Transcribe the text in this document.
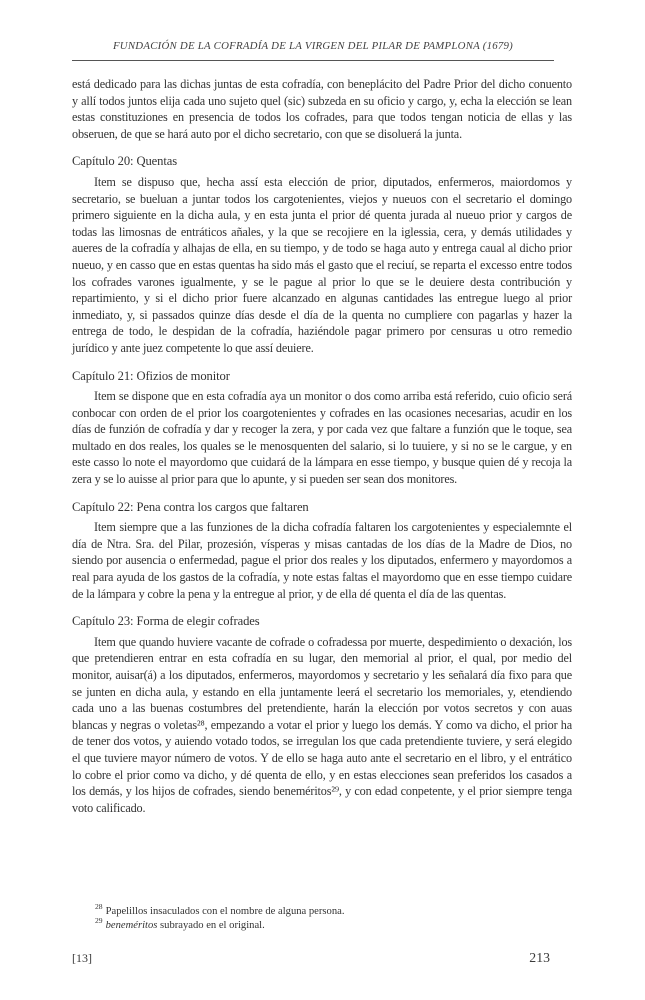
FUNDACIÓN DE LA COFRADÍA DE LA VIRGEN DEL PILAR DE PAMPLONA (1679)

está dedicado para las dichas juntas de esta cofradía, con beneplácito del Padre Prior del dicho conuento y allí todos juntos elija cada uno sujeto quel (sic) subzeda en su oficio y cargo, y, echa la elección se lean estas constituziones en presencia de todos los cofrades, para que todos tengan noticia de ellas y las obseruen, de que se hará auto por el dicho secretario, con que se disoluerá la junta.

Capítulo 20: Quentas

Item se dispuso que, hecha assí esta elección de prior, diputados, enfermeros, maiordomos y secretario, se bueluan a juntar todos los cargotenientes, viejos y nueuos con el secretario el domingo primero siguiente en la dicha aula, y en esta junta el prior dé quenta jurada al nueuo prior y cargos de todas las limosnas de entráticos añales, y la que se recojiere en la iglessia, cera, y demás utilidades y aueres de la cofradía y alhajas de ella, en su tiempo, y de todo se haga auto y entrega caual al dicho prior nueuo, y en casso que en estas quentas ha sido más el gasto que el reciuí, se reparta el excesso entre todos los cofrades varones igualmente, y se le pague al prior lo que se le deuiere desta contribución y repartimiento, y si el dicho prior fuere alcanzado en algunas cantidades las entregue luego al prior inmediato, y, si passados quinze días desde el día de la quenta no cumpliere con pagarlas y hazer la entrega de todo, le despidan de la cofradía, haziéndole pagar primero por censuras u otro remedio jurídico y ante juez competente lo que assí deuiere.

Capítulo 21: Ofizios de monitor

Item se dispone que en esta cofradía aya un monitor o dos como arriba está referido, cuio oficio será conbocar con orden de el prior los coargotenientes y cofrades en las ocasiones necesarias, acudir en los días de funzión de cofradía y dar y recoger la zera, y por cada vez que faltare a funzión que le toque, sea multado en dos reales, los quales se le menosquenten del salario, si lo tuuiere, y si no se le cargue, y en este casso lo note el mayordomo que cuidará de la lámpara en esse tiempo, y busque quien dé y recoja la zera y se lo auisse al prior para que lo apunte, y si pueden ser sean dos monitores.

Capítulo 22: Pena contra los cargos que faltaren

Item siempre que a las funziones de la dicha cofradía faltaren los cargotenientes y especialemnte el día de Ntra. Sra. del Pilar, prozesión, vísperas y misas cantadas de los días de la Madre de Dios, no siendo por ausencia o enfermedad, pague el prior dos reales y los diputados, enfermero y mayordomos a real para ayuda de los gastos de la cofradía, y note estas faltas el mayordomo que en esse tiempo cuidare de la lámpara y cobre la pena y la entregue al prior, y de ella dé quenta el día de las quentas.

Capítulo 23: Forma de elegir cofrades

Item que quando huviere vacante de cofrade o cofradessa por muerte, despedimiento o dexación, los que pretendieren entrar en esta cofradía en su lugar, den memorial al prior, el qual, por medio del monitor, auisar(á) a los diputados, enfermeros, mayordomos y secretario y les señalará día fixo para que se junten en dicha aula, y estando en ella juntamente leerá el secretario los memoriales, y, etendiendo cada uno a las buenas costumbres del pretendiente, harán la elección por votos secretos y con auas blancas y negras o voletas²⁸, empezando a votar el prior y luego los demás. Y como va dicho, el prior ha de tener dos votos, y auiendo votado todos, se irregulan los que cada pretendiente tuviere, y será elegido el que tuviere mayor número de votos. Y de ello se haga auto ante el secretario en el libro, y el entrático lo cobre el prior como va dicho, y dé quenta de ello, y en estas elecciones sean preferidos los casados a los demás, y los hijos de cofrades, siendo beneméritos²⁹, y con edad conpetente, y el prior siempre tenga voto calificado.

$^{28}$ Papelillos insaculados con el nombre de alguna persona.

$^{29}$ beneméritos subrayado en el original.

[13]	213
